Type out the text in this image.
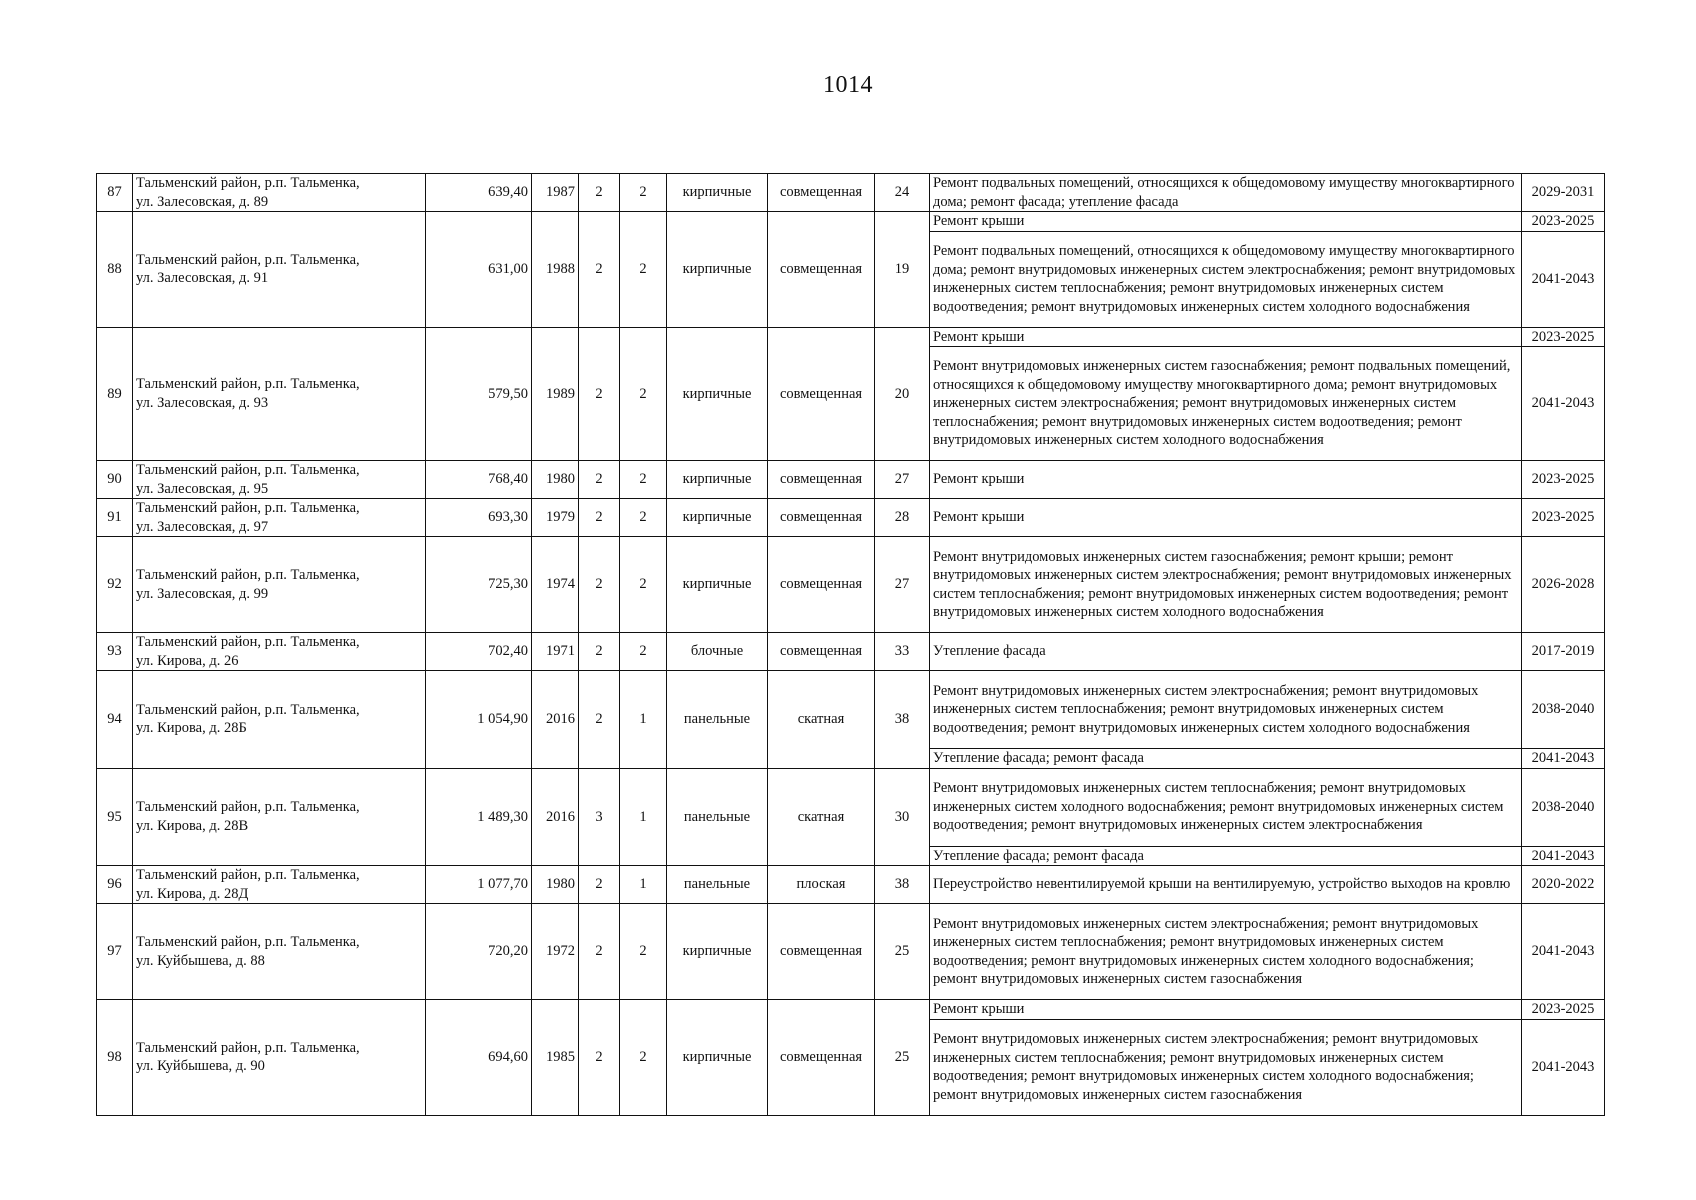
1014
87	Тальменский район, р.п. Тальменка,
ул. Залесовская, д. 89	639,40	1987	2	2	кирпичные	совмещенная	24	Ремонт подвальных помещений, относящихся к общедомовому имуществу многоквартирного дома; ремонт фасада; утепление фасада	2029-2031
88	Тальменский район, р.п. Тальменка,
ул. Залесовская, д. 91	631,00	1988	2	2	кирпичные	совмещенная	19	Ремонт крыши	2023-2025
									Ремонт подвальных помещений, относящихся к общедомовому имуществу многоквартирного дома; ремонт внутридомовых инженерных систем электроснабжения; ремонт внутридомовых инженерных систем теплоснабжения; ремонт внутридомовых инженерных систем водоотведения; ремонт внутридомовых инженерных систем холодного водоснабжения	2041-2043
89	Тальменский район, р.п. Тальменка,
ул. Залесовская, д. 93	579,50	1989	2	2	кирпичные	совмещенная	20	Ремонт крыши	2023-2025
									Ремонт внутридомовых инженерных систем газоснабжения; ремонт подвальных помещений, относящихся к общедомовому имуществу многоквартирного дома; ремонт внутридомовых инженерных систем электроснабжения; ремонт внутридомовых инженерных систем теплоснабжения; ремонт внутридомовых инженерных систем водоотведения; ремонт внутридомовых инженерных систем холодного водоснабжения	2041-2043
90	Тальменский район, р.п. Тальменка,
ул. Залесовская, д. 95	768,40	1980	2	2	кирпичные	совмещенная	27	Ремонт крыши	2023-2025
91	Тальменский район, р.п. Тальменка,
ул. Залесовская, д. 97	693,30	1979	2	2	кирпичные	совмещенная	28	Ремонт крыши	2023-2025
92	Тальменский район, р.п. Тальменка,
ул. Залесовская, д. 99	725,30	1974	2	2	кирпичные	совмещенная	27	Ремонт внутридомовых инженерных систем газоснабжения; ремонт крыши; ремонт внутридомовых инженерных систем электроснабжения; ремонт внутридомовых инженерных систем теплоснабжения; ремонт внутридомовых инженерных систем водоотведения; ремонт внутридомовых инженерных систем холодного водоснабжения	2026-2028
93	Тальменский район, р.п. Тальменка,
ул. Кирова, д. 26	702,40	1971	2	2	блочные	совмещенная	33	Утепление фасада	2017-2019
94	Тальменский район, р.п. Тальменка,
ул. Кирова, д. 28Б	1 054,90	2016	2	1	панельные	скатная	38	Ремонт внутридомовых инженерных систем электроснабжения; ремонт внутридомовых инженерных систем теплоснабжения; ремонт внутридомовых инженерных систем водоотведения; ремонт внутридомовых инженерных систем холодного водоснабжения	2038-2040
									Утепление фасада; ремонт фасада	2041-2043
95	Тальменский район, р.п. Тальменка,
ул. Кирова, д. 28В	1 489,30	2016	3	1	панельные	скатная	30	Ремонт внутридомовых инженерных систем теплоснабжения; ремонт внутридомовых инженерных систем холодного водоснабжения; ремонт внутридомовых инженерных систем водоотведения; ремонт внутридомовых инженерных систем электроснабжения	2038-2040
									Утепление фасада; ремонт фасада	2041-2043
96	Тальменский район, р.п. Тальменка,
ул. Кирова, д. 28Д	1 077,70	1980	2	1	панельные	плоская	38	Переустройство невентилируемой крыши на вентилируемую, устройство выходов на кровлю	2020-2022
97	Тальменский район, р.п. Тальменка,
ул. Куйбышева, д. 88	720,20	1972	2	2	кирпичные	совмещенная	25	Ремонт внутридомовых инженерных систем электроснабжения; ремонт внутридомовых инженерных систем теплоснабжения; ремонт внутридомовых инженерных систем водоотведения; ремонт внутридомовых инженерных систем холодного водоснабжения; ремонт внутридомовых инженерных систем газоснабжения	2041-2043
98	Тальменский район, р.п. Тальменка,
ул. Куйбышева, д. 90	694,60	1985	2	2	кирпичные	совмещенная	25	Ремонт крыши	2023-2025
									Ремонт внутридомовых инженерных систем электроснабжения; ремонт внутридомовых инженерных систем теплоснабжения; ремонт внутридомовых инженерных систем водоотведения; ремонт внутридомовых инженерных систем холодного водоснабжения; ремонт внутридомовых инженерных систем газоснабжения	2041-2043
